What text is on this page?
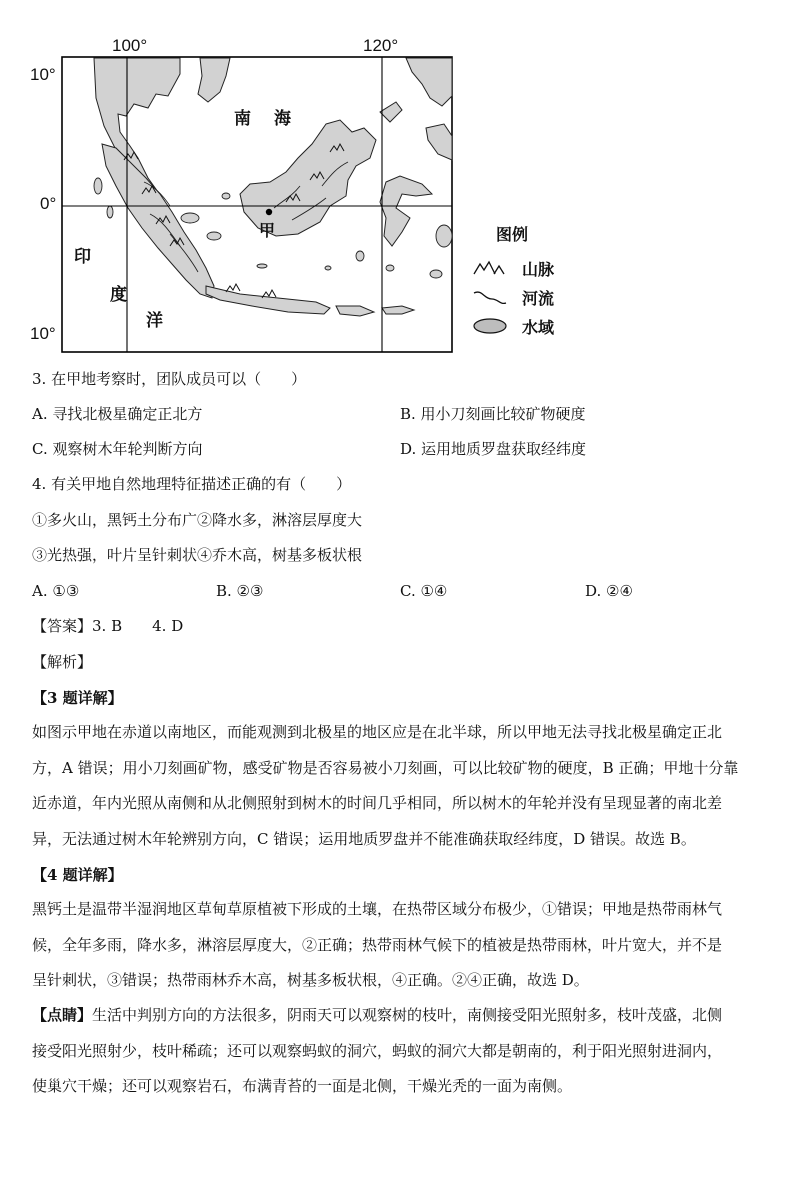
100°	120°
10°
0°
10°
南 海
印
度
洋
甲	图例
山脉
河流
水域
3. 在甲地考察时，团队成员可以（　　）
A. 寻找北极星确定正北方	B. 用小刀刻画比较矿物硬度
C. 观察树木年轮判断方向	D. 运用地质罗盘获取经纬度
4. 有关甲地自然地理特征描述正确的有（　　）
①多火山，黑钙土分布广②降水多，淋溶层厚度大
③光热强，叶片呈针刺状④乔木高，树基多板状根
A. ①③	B. ②③	C. ①④	D. ②④
【答案】3. B　　4. D
【解析】
【3 题详解】
如图示甲地在赤道以南地区，而能观测到北极星的地区应是在北半球，所以甲地无法寻找北极星确定正北
方，A 错误；用小刀刻画矿物，感受矿物是否容易被小刀刻画，可以比较矿物的硬度，B 正确；甲地十分靠
近赤道，年内光照从南侧和从北侧照射到树木的时间几乎相同，所以树木的年轮并没有呈现显著的南北差
异，无法通过树木年轮辨别方向，C 错误；运用地质罗盘并不能准确获取经纬度，D 错误。故选 B。
【4 题详解】
黑钙土是温带半湿润地区草甸草原植被下形成的土壤，在热带区域分布极少，①错误；甲地是热带雨林气
候，全年多雨，降水多，淋溶层厚度大，②正确；热带雨林气候下的植被是热带雨林，叶片宽大，并不是
呈针刺状，③错误；热带雨林乔木高，树基多板状根，④正确。②④正确，故选 D。
【点睛】生活中判别方向的方法很多，阴雨天可以观察树的枝叶，南侧接受阳光照射多，枝叶茂盛，北侧
接受阳光照射少，枝叶稀疏；还可以观察蚂蚁的洞穴，蚂蚁的洞穴大都是朝南的，利于阳光照射进洞内，
使巢穴干燥；还可以观察岩石，布满青苔的一面是北侧，干燥光秃的一面为南侧。
